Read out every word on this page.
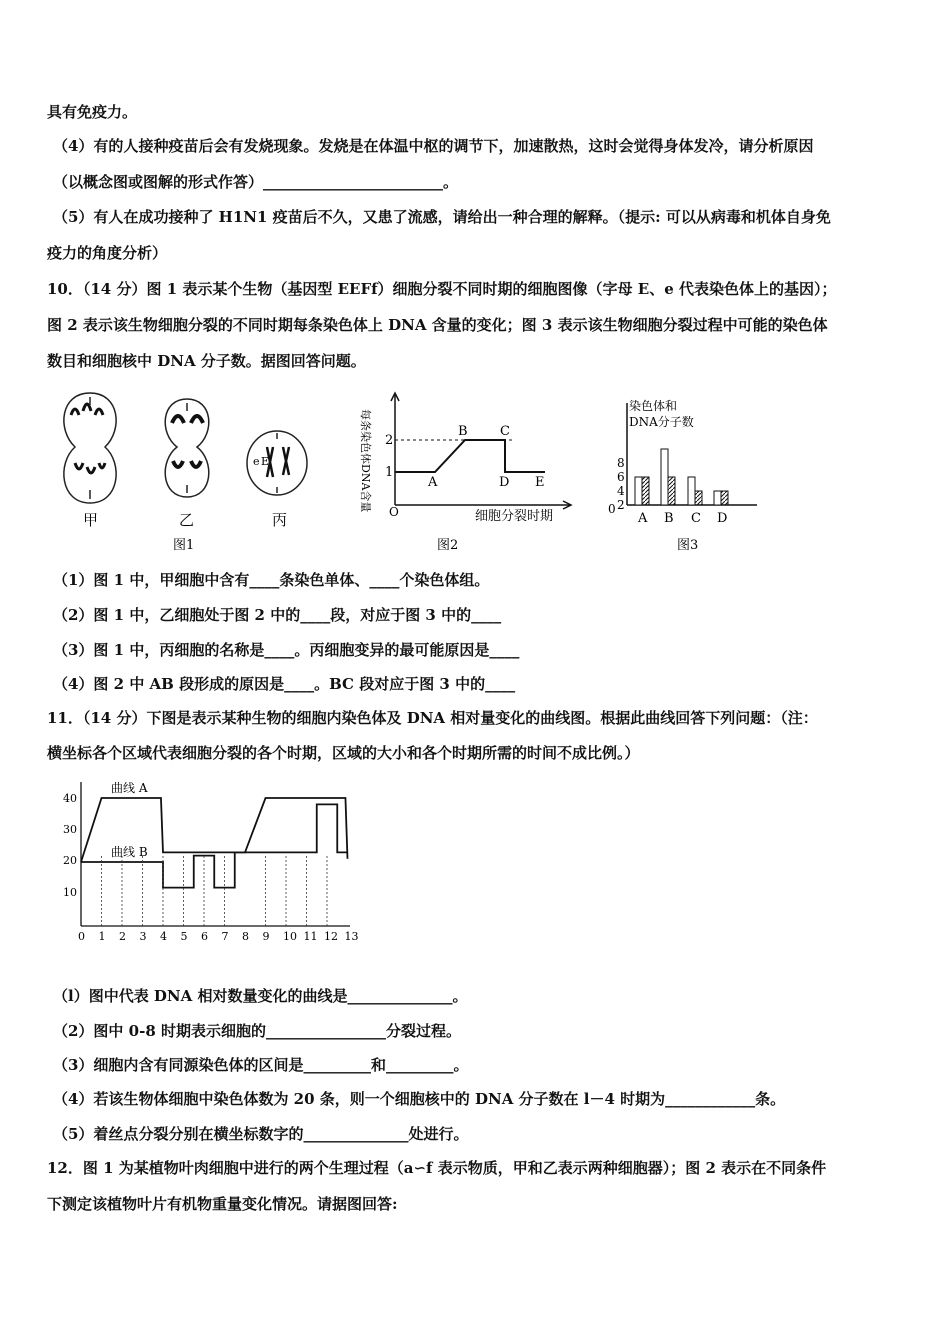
具有免疫力。
（4）有的人接种疫苗后会有发烧现象。发烧是在体温中枢的调节下，加速散热，这时会觉得身体发冷，请分析原因
（以概念图或图解的形式作答）________________________。
（5）有人在成功接种了 H1N1 疫苗后不久，又患了流感，请给出一种合理的解释。（提示: 可以从病毒和机体自身免
疫力的角度分析）
10．（14 分）图 1 表示某个生物（基因型 EEFf）细胞分裂不同时期的细胞图像（字母 E、e 代表染色体上的基因）；
图 2 表示该生物细胞分裂的不同时期每条染色体上 DNA 含量的变化；图 3 表示该生物细胞分裂过程中可能的染色体
数目和细胞核中 DNA 分子数。据图回答问题。
甲	乙
e E
丙
图1
每条染色体DNA含量 1
2
O
A
B C
D E
细胞分裂时期
图2
染色体和
DNA分子数
2
4
6
8
0
A B C D
图3
（1）图 1 中，甲细胞中含有____条染色单体、____个染色体组。
（2）图 1 中，乙细胞处于图 2 中的____段，对应于图 3 中的____
（3）图 1 中，丙细胞的名称是____。丙细胞变异的最可能原因是____
（4）图 2 中 AB 段形成的原因是____。BC 段对应于图 3 中的____
11．（14 分）下图是表示某种生物的细胞内染色体及 DNA 相对量变化的曲线图。根据此曲线回答下列问题：（注：
横坐标各个区域代表细胞分裂的各个时期，区域的大小和各个时期所需的时间不成比例。）
曲线 A
曲线 B
10
20
30
40
0 1 2 3 4 5 6 7 8 9 10 11 12 13
（l）图中代表 DNA 相对数量变化的曲线是______________。
（2）图中 0-8 时期表示细胞的________________分裂过程。
（3）细胞内含有同源染色体的区间是_________和_________。
（4）若该生物体细胞中染色体数为 20 条，则一个细胞核中的 DNA 分子数在 l－4 时期为____________条。
（5）着丝点分裂分别在横坐标数字的______________处进行。
12．图 1 为某植物叶肉细胞中进行的两个生理过程（a∽f 表示物质，甲和乙表示两种细胞器）；图 2 表示在不同条件
下测定该植物叶片有机物重量变化情况。请据图回答:
